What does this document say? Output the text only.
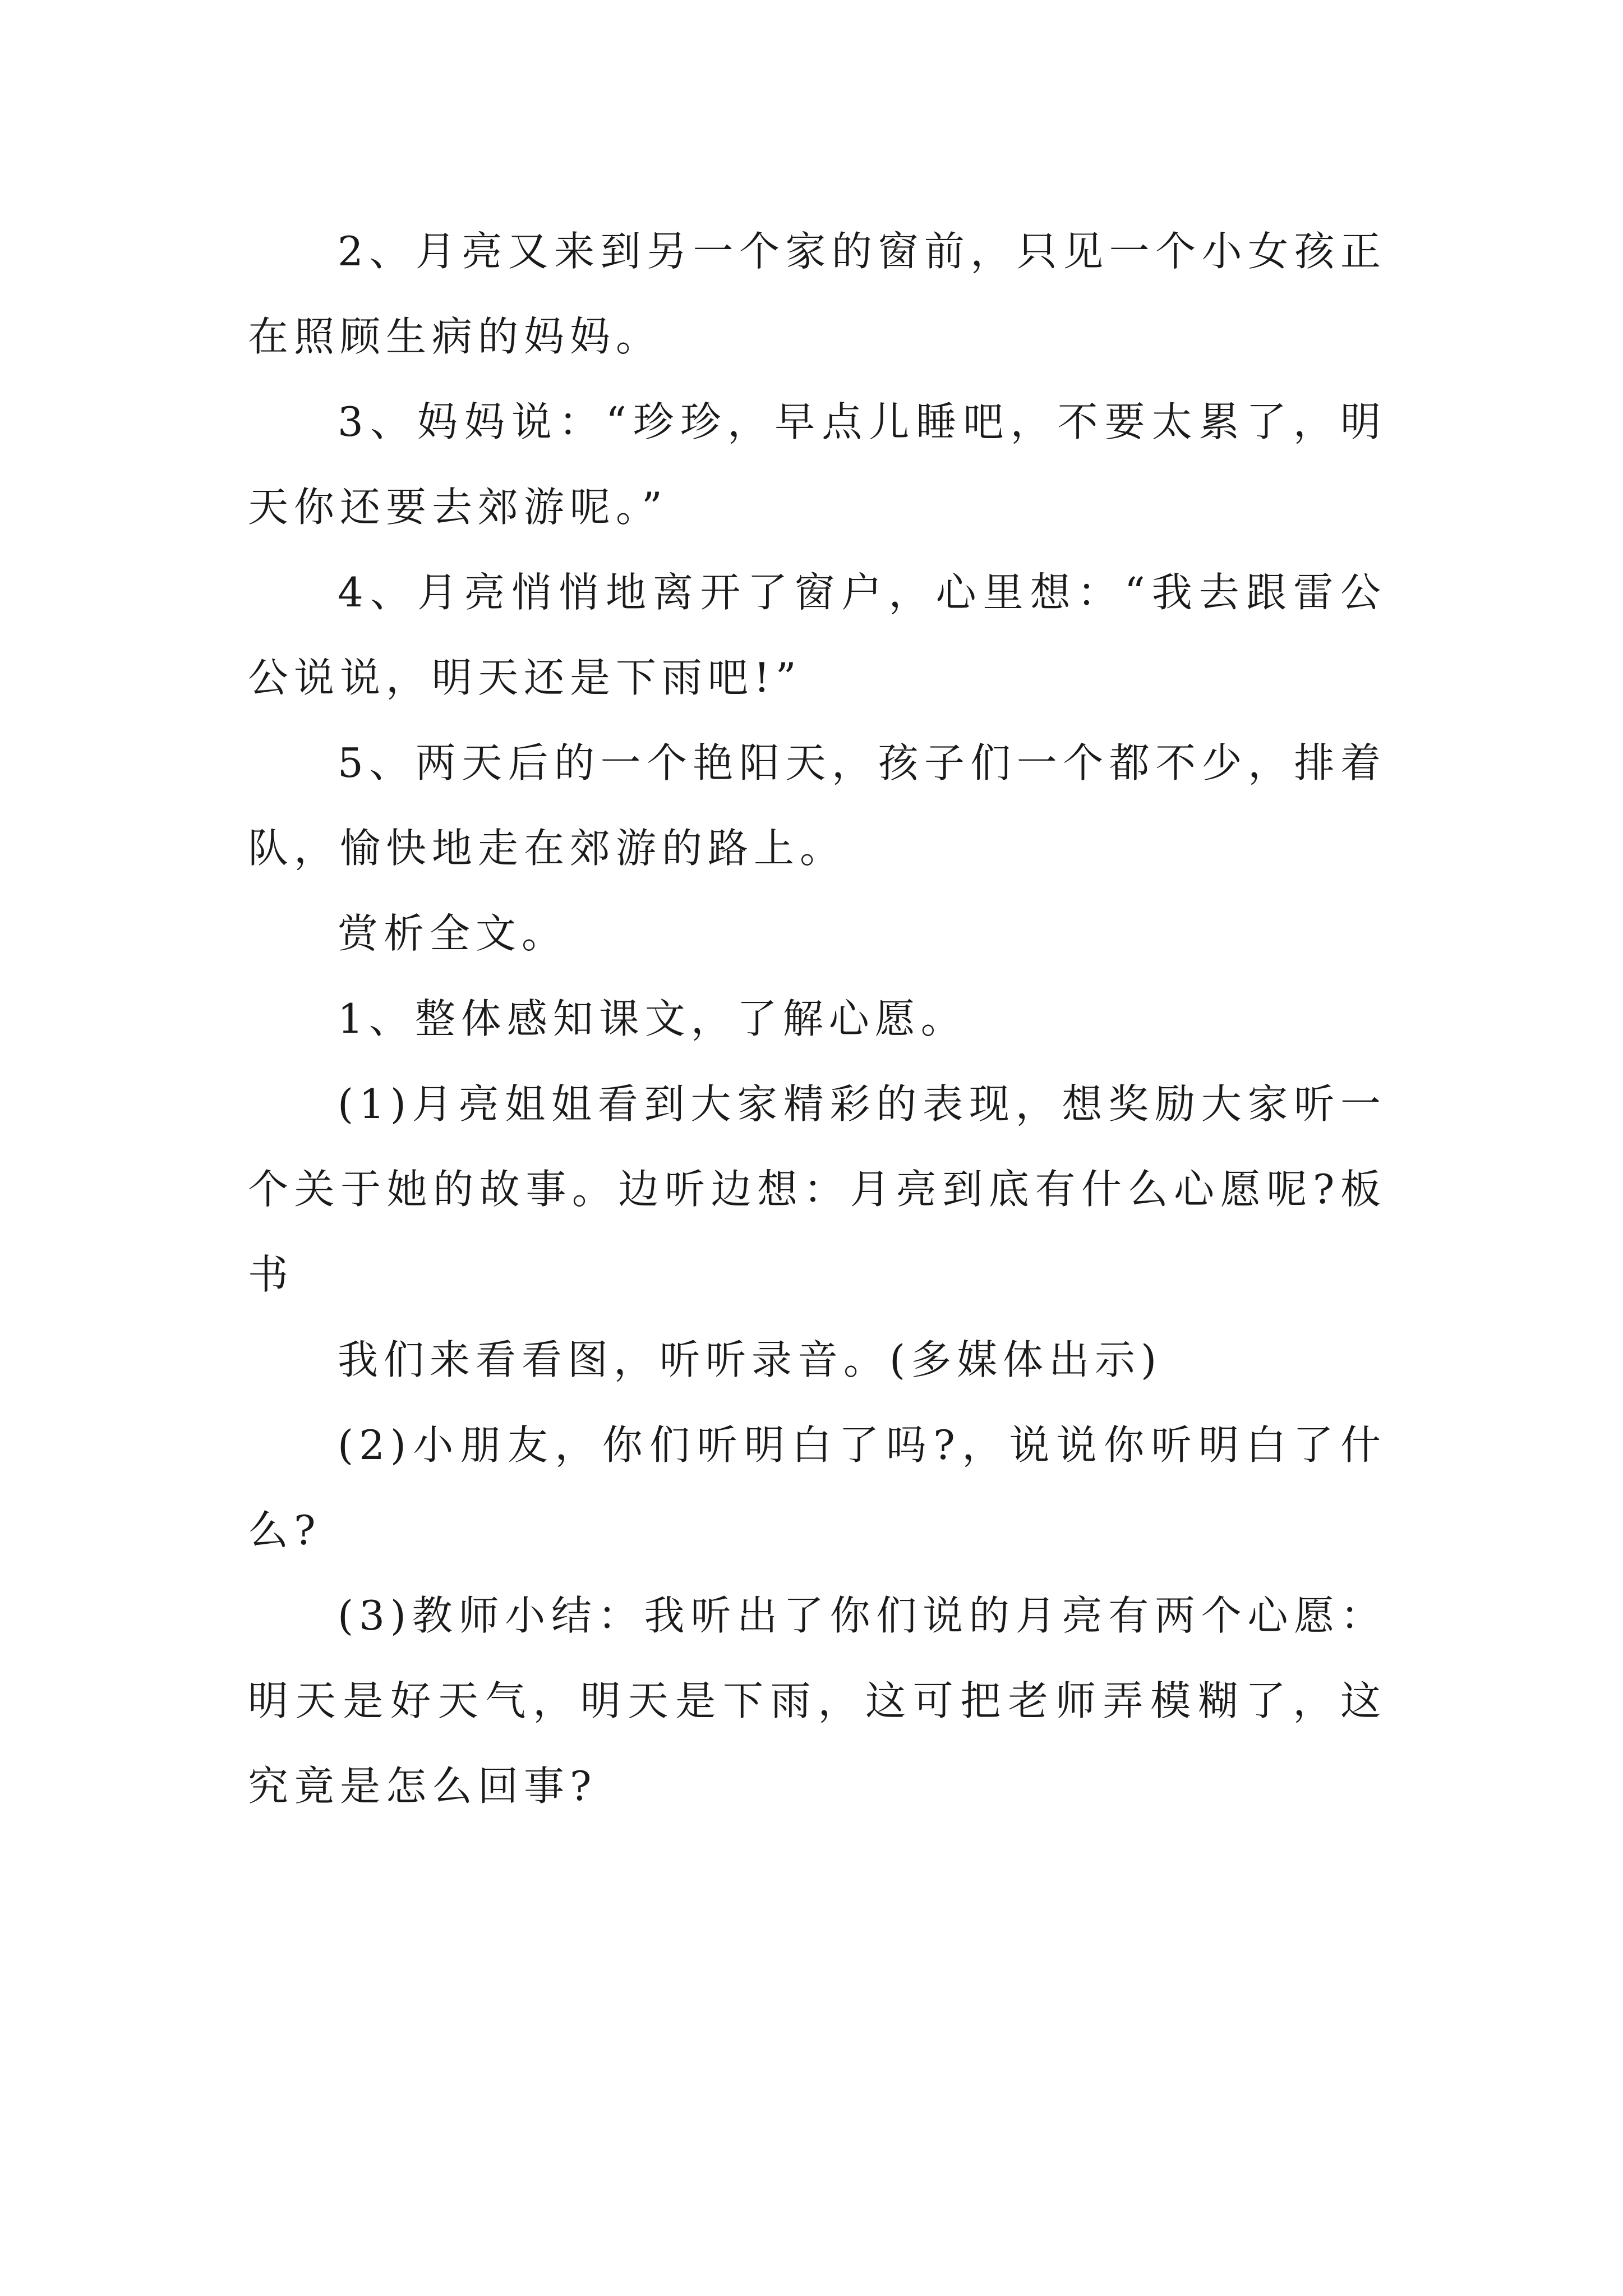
2、月亮又来到另一个家的窗前，只见一个小女孩正在照顾生病的妈妈。

3、妈妈说：“珍珍，早点儿睡吧，不要太累了，明天你还要去郊游呢。”

4、月亮悄悄地离开了窗户，心里想：“我去跟雷公公说说，明天还是下雨吧!”

5、两天后的一个艳阳天，孩子们一个都不少，排着队，愉快地走在郊游的路上。

赏析全文。

1、整体感知课文，了解心愿。

(1)月亮姐姐看到大家精彩的表现，想奖励大家听一个关于她的故事。边听边想：月亮到底有什么心愿呢?板书

我们来看看图，听听录音。(多媒体出示)

(2)小朋友，你们听明白了吗?，说说你听明白了什么?

(3)教师小结：我听出了你们说的月亮有两个心愿：明天是好天气，明天是下雨，这可把老师弄模糊了，这究竟是怎么回事?
